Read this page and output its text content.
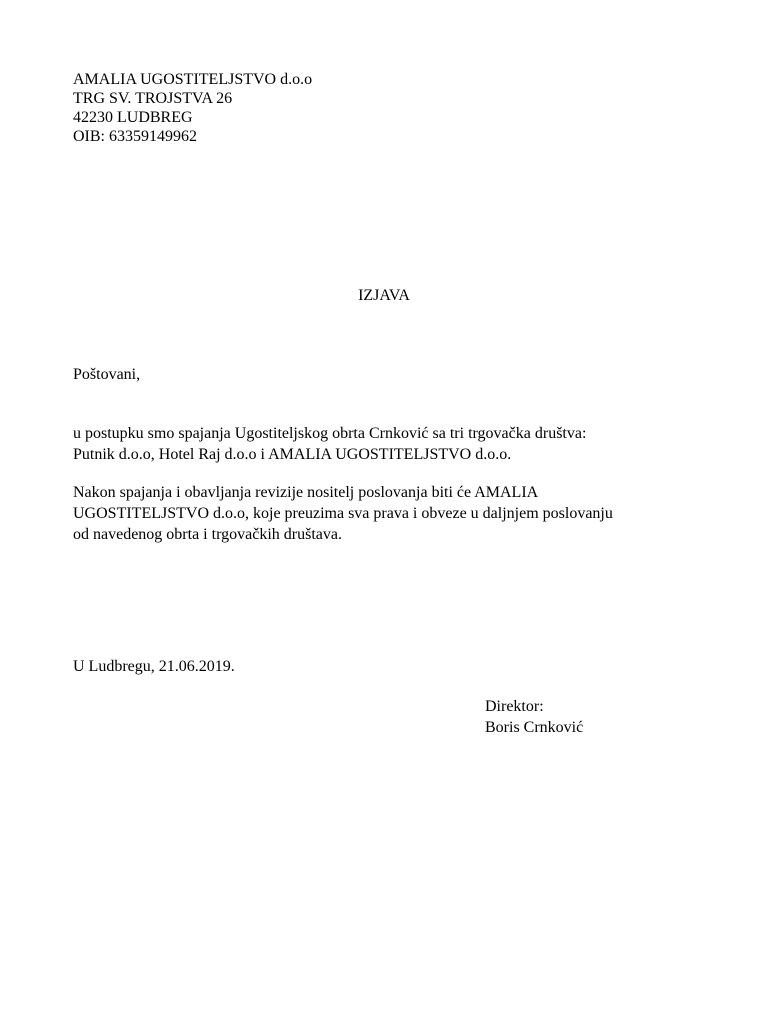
AMALIA UGOSTITELJSTVO d.o.o
TRG SV. TROJSTVA 26
42230 LUDBREG
OIB: 63359149962
IZJAVA
Poštovani,
u postupku smo spajanja Ugostiteljskog obrta Crnković sa tri trgovačka društva:
Putnik d.o.o, Hotel Raj d.o.o i AMALIA UGOSTITELJSTVO d.o.o.
Nakon spajanja i obavljanja revizije nositelj poslovanja biti će AMALIA
UGOSTITELJSTVO d.o.o, koje preuzima sva prava i obveze u daljnjem poslovanju
od navedenog obrta i trgovačkih društava.
U Ludbregu, 21.06.2019.
Direktor:
Boris Crnković
